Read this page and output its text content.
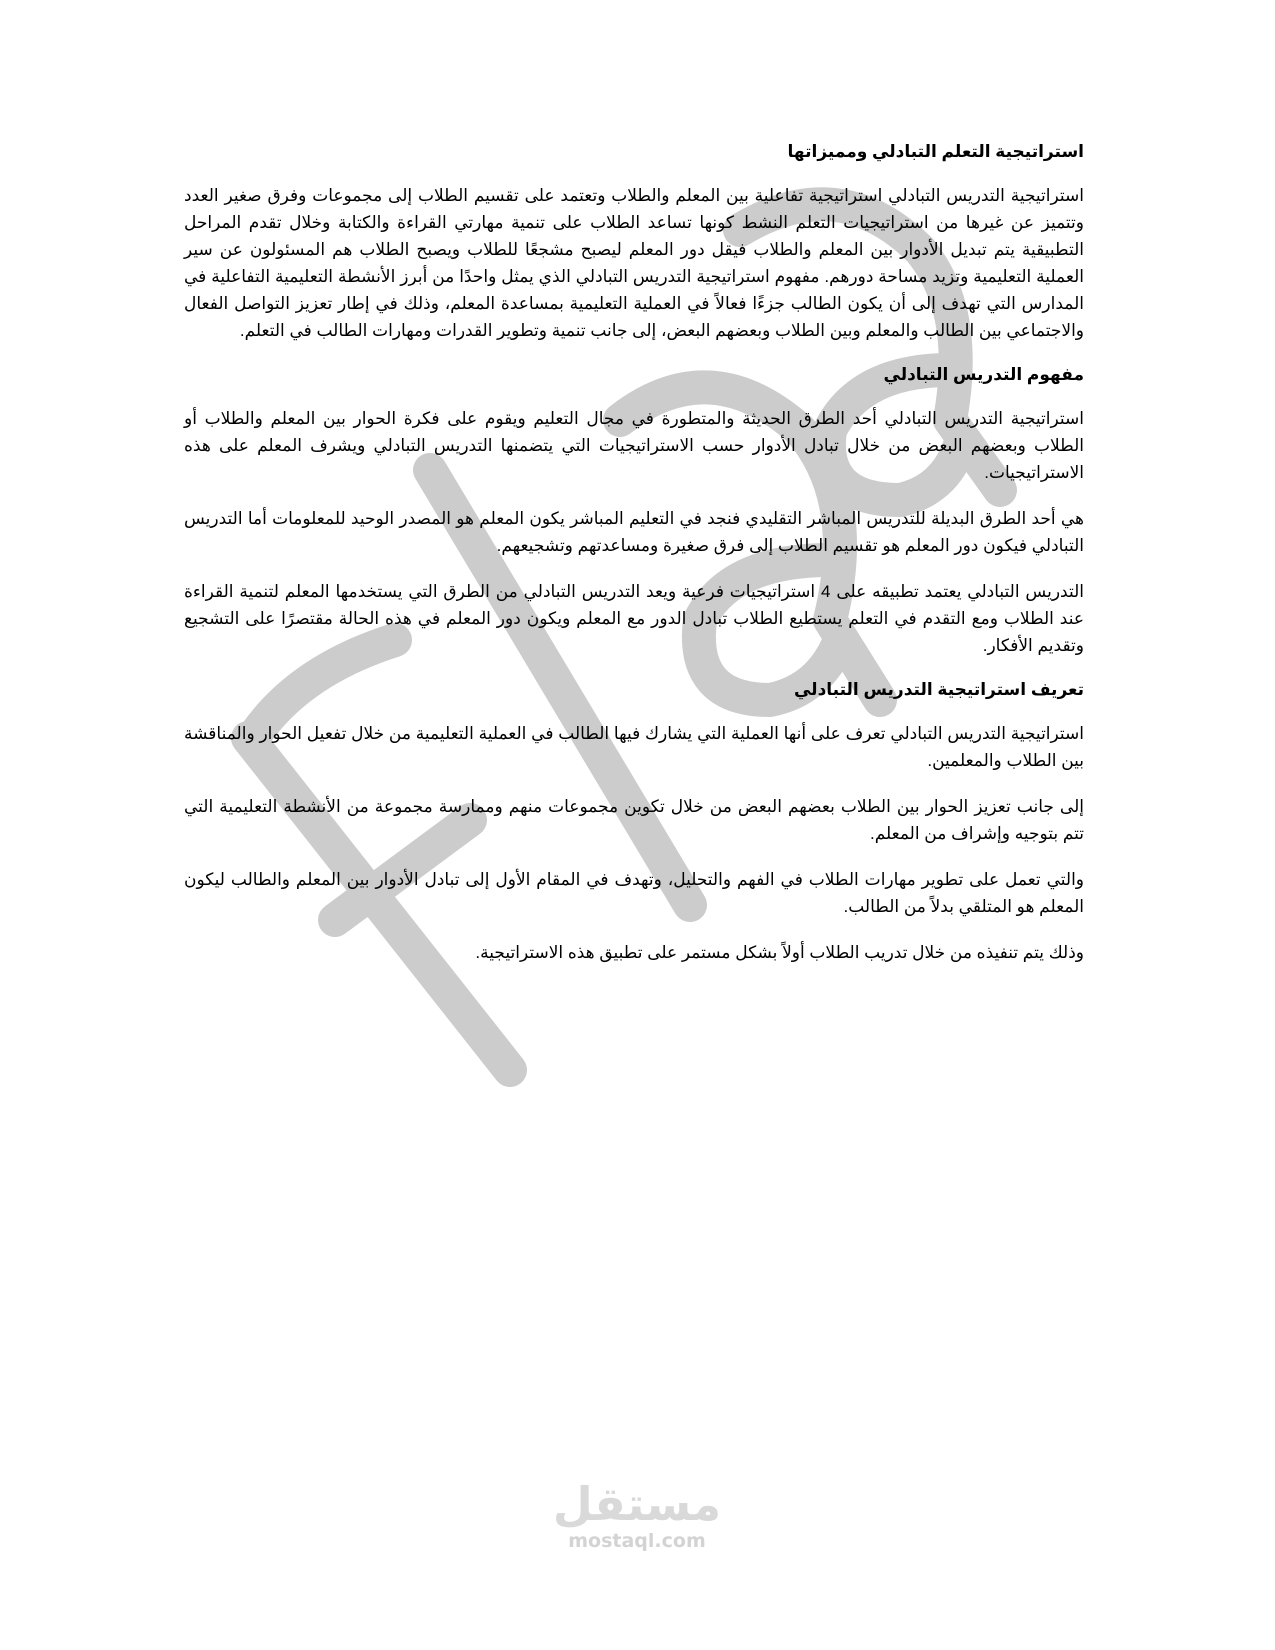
استراتيجية التعلم التبادلي ومميزاتها

استراتيجية التدريس التبادلي استراتيجية تفاعلية بين المعلم والطلاب وتعتمد على تقسيم الطلاب إلى مجموعات وفرق صغير العدد وتتميز عن غيرها من استراتيجيات التعلم النشط كونها تساعد الطلاب على تنمية مهارتي القراءة والكتابة وخلال تقدم المراحل التطبيقية يتم تبديل الأدوار بين المعلم والطلاب فيقل دور المعلم ليصبح مشجعًا للطلاب ويصبح الطلاب هم المسئولون عن سير العملية التعليمية وتزيد مساحة دورهم. مفهوم استراتيجية التدريس التبادلي الذي يمثل واحدًا من أبرز الأنشطة التعليمية التفاعلية في المدارس التي تهدف إلى أن يكون الطالب جزءًا فعالاً في العملية التعليمية بمساعدة المعلم، وذلك في إطار تعزيز التواصل الفعال والاجتماعي بين الطالب والمعلم وبين الطلاب وبعضهم البعض، إلى جانب تنمية وتطوير القدرات ومهارات الطالب في التعلم.

مفهوم التدريس التبادلي

استراتيجية التدريس التبادلي أحد الطرق الحديثة والمتطورة في مجال التعليم ويقوم على فكرة الحوار بين المعلم والطلاب أو الطلاب وبعضهم البعض من خلال تبادل الأدوار حسب الاستراتيجيات التي يتضمنها التدريس التبادلي ويشرف المعلم على هذه الاستراتيجيات.

هي أحد الطرق البديلة للتدريس المباشر التقليدي فنجد في التعليم المباشر يكون المعلم هو المصدر الوحيد للمعلومات أما التدريس التبادلي فيكون دور المعلم هو تقسيم الطلاب إلى فرق صغيرة ومساعدتهم وتشجيعهم.

التدريس التبادلي يعتمد تطبيقه على 4 استراتيجيات فرعية ويعد التدريس التبادلي من الطرق التي يستخدمها المعلم لتنمية القراءة عند الطلاب ومع التقدم في التعلم يستطيع الطلاب تبادل الدور مع المعلم ويكون دور المعلم في هذه الحالة مقتصرًا على التشجيع وتقديم الأفكار.

تعريف استراتيجية التدريس التبادلي

استراتيجية التدريس التبادلي تعرف على أنها العملية التي يشارك فيها الطالب في العملية التعليمية من خلال تفعيل الحوار والمناقشة بين الطلاب والمعلمين.

إلى جانب تعزيز الحوار بين الطلاب بعضهم البعض من خلال تكوين مجموعات منهم وممارسة مجموعة من الأنشطة التعليمية التي تتم بتوجيه وإشراف من المعلم.

والتي تعمل على تطوير مهارات الطلاب في الفهم والتحليل، وتهدف في المقام الأول إلى تبادل الأدوار بين المعلم والطالب ليكون المعلم هو المتلقي بدلاً من الطالب.

وذلك يتم تنفيذه من خلال تدريب الطلاب أولاً بشكل مستمر على تطبيق هذه الاستراتيجية.

مستقل
mostaql.com
